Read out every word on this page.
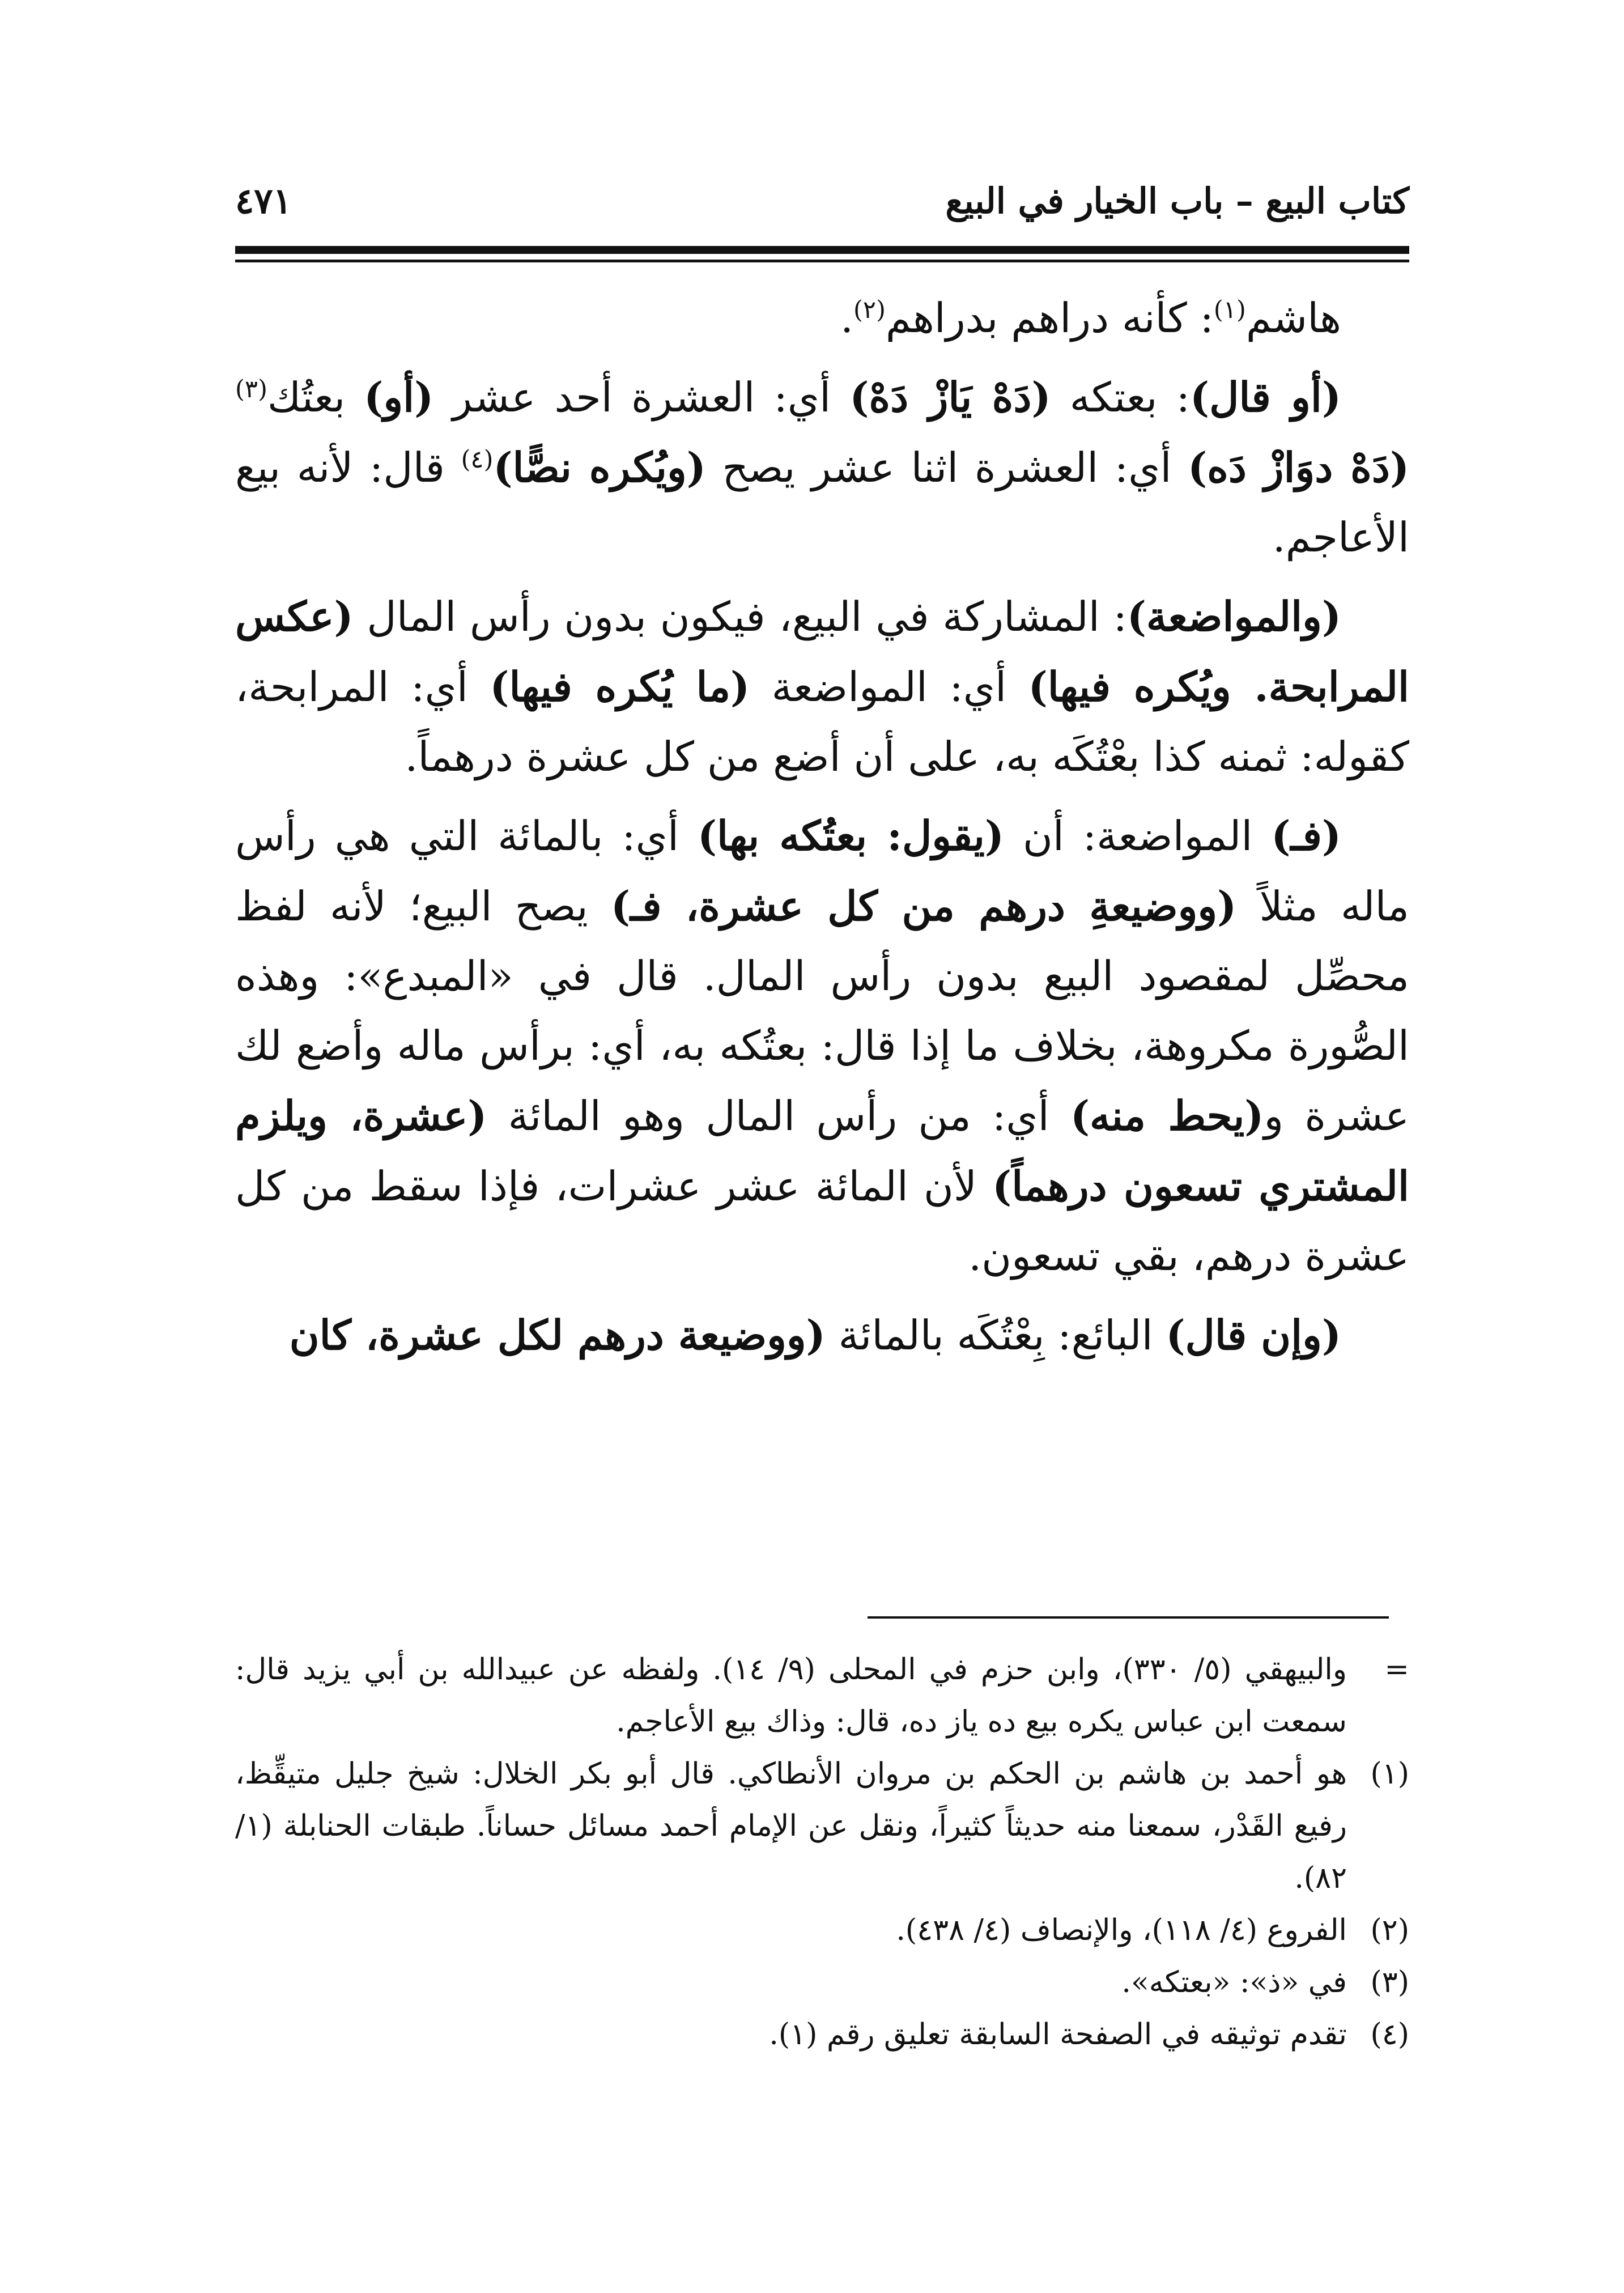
كتاب البيع – باب الخيار في البيع
٤٧١

هاشم$^{(١)}$: كأنه دراهم بدراهم$^{(٢)}$.

(أو قال): بعتكه (دَهْ يَازْ دَهْ) أي: العشرة أحد عشر (أو) بعتُك$^{(٣)}$ (دَهْ دوَازْ دَه) أي: العشرة اثنا عشر يصح (ويُكره نصًّا)$^{(٤)}$ قال: لأنه بيع الأعاجم.

(والمواضعة): المشاركة في البيع، فيكون بدون رأس المال (عكس المرابحة. ويُكره فيها) أي: المواضعة (ما يُكره فيها) أي: المرابحة، كقوله: ثمنه كذا بعْتُكَه به، على أن أضع من كل عشرة درهماً.

(فـ) المواضعة: أن (يقول: بعتُكه بها) أي: بالمائة التي هي رأس ماله مثلاً (ووضيعةِ درهم من كل عشرة، فـ) يصح البيع؛ لأنه لفظ محصِّل لمقصود البيع بدون رأس المال. قال في «المبدع»: وهذه الصُّورة مكروهة، بخلاف ما إذا قال: بعتُكه به، أي: برأس ماله وأضع لك عشرة و(يحط منه) أي: من رأس المال وهو المائة (عشرة، ويلزم المشتري تسعون درهماً) لأن المائة عشر عشرات، فإذا سقط من كل عشرة درهم، بقي تسعون.

(وإن قال) البائع: بِعْتُكَه بالمائة (ووضيعة درهم لكل عشرة، كان

=
والبيهقي (٥/ ٣٣٠)، وابن حزم في المحلى (٩/ ١٤). ولفظه عن عبيدالله بن أبي يزيد قال: سمعت ابن عباس يكره بيع ده ياز ده، قال: وذاك بيع الأعاجم.

(١)
هو أحمد بن هاشم بن الحكم بن مروان الأنطاكي. قال أبو بكر الخلال: شيخ جليل متيقِّظ، رفيع القَدْر، سمعنا منه حديثاً كثيراً، ونقل عن الإمام أحمد مسائل حساناً. طبقات الحنابلة (١/ ٨٢).

(٢)
الفروع (٤/ ١١٨)، والإنصاف (٤/ ٤٣٨).

(٣)
في «ذ»: «بعتكه».

(٤)
تقدم توثيقه في الصفحة السابقة تعليق رقم (١).
